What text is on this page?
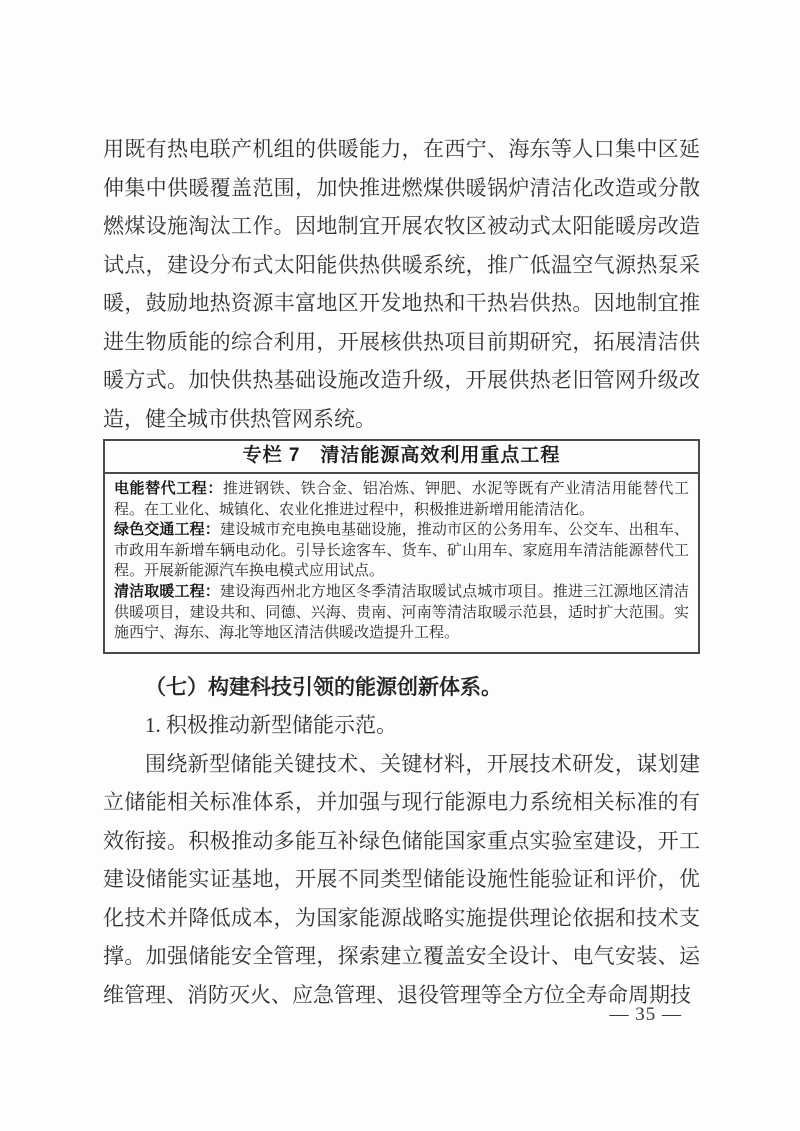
用既有热电联产机组的供暖能力，在西宁、海东等人口集中区延伸集中供暖覆盖范围，加快推进燃煤供暖锅炉清洁化改造或分散燃煤设施淘汰工作。因地制宜开展农牧区被动式太阳能暖房改造试点，建设分布式太阳能供热供暖系统，推广低温空气源热泵采暖，鼓励地热资源丰富地区开发地热和干热岩供热。因地制宜推进生物质能的综合利用，开展核供热项目前期研究，拓展清洁供暖方式。加快供热基础设施改造升级，开展供热老旧管网升级改造，健全城市供热管网系统。

专栏 7　清洁能源高效利用重点工程

电能替代工程：推进钢铁、铁合金、铝冶炼、钾肥、水泥等既有产业清洁用能替代工程。在工业化、城镇化、农业化推进过程中，积极推进新增用能清洁化。

绿色交通工程：建设城市充电换电基础设施，推动市区的公务用车、公交车、出租车、市政用车新增车辆电动化。引导长途客车、货车、矿山用车、家庭用车清洁能源替代工程。开展新能源汽车换电模式应用试点。

清洁取暖工程：建设海西州北方地区冬季清洁取暖试点城市项目。推进三江源地区清洁供暖项目，建设共和、同德、兴海、贵南、河南等清洁取暖示范县，适时扩大范围。实施西宁、海东、海北等地区清洁供暖改造提升工程。

（七）构建科技引领的能源创新体系。

1. 积极推动新型储能示范。

围绕新型储能关键技术、关键材料，开展技术研发，谋划建立储能相关标准体系，并加强与现行能源电力系统相关标准的有效衔接。积极推动多能互补绿色储能国家重点实验室建设，开工建设储能实证基地，开展不同类型储能设施性能验证和评价，优化技术并降低成本，为国家能源战略实施提供理论依据和技术支撑。加强储能安全管理，探索建立覆盖安全设计、电气安装、运维管理、消防灭火、应急管理、退役管理等全方位全寿命周期技

— 35 —
